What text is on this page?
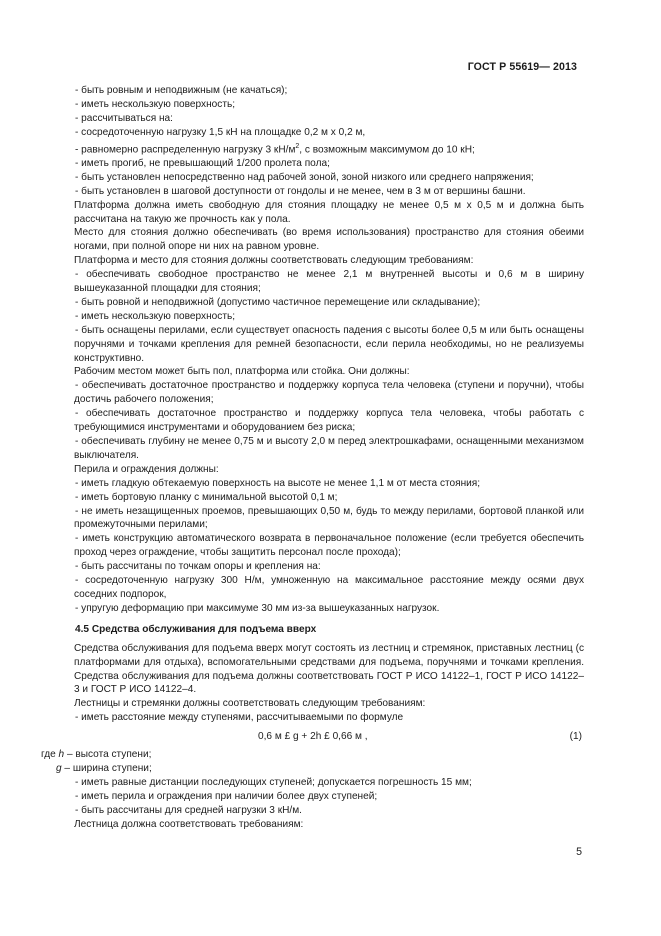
ГОСТ Р 55619— 2013

- быть ровным и неподвижным (не качаться);

- иметь нескользкую поверхность;

- рассчитываться на:

- сосредоточенную нагрузку 1,5 кН на площадке 0,2 м х 0,2 м,

- равномерно распределенную нагрузку 3 $кН/м^2$, с возможным максимумом до 10 кН;

- иметь прогиб, не превышающий 1/200 пролета пола;

- быть установлен непосредственно над рабочей зоной, зоной низкого или среднего напряжения;

- быть установлен в шаговой доступности от гондолы и не менее, чем в 3 м от вершины башни.

Платформа должна иметь свободную для стояния площадку не менее 0,5 м х 0,5 м и должна быть рассчитана на такую же прочность как у пола.

Место для стояния должно обеспечивать (во время использования) пространство для стояния обеими ногами, при полной опоре ни них на равном уровне.

Платформа и место для стояния должны соответствовать следующим требованиям:

- обеспечивать свободное пространство не менее 2,1 м внутренней высоты и 0,6 м в ширину вышеуказанной площадки для стояния;

- быть ровной и неподвижной (допустимо частичное перемещение или складывание);

- иметь нескользкую поверхность;

- быть оснащены перилами, если существует опасность падения с высоты более 0,5 м или быть оснащены поручнями и точками крепления для ремней безопасности, если перила необходимы, но не реализуемы конструктивно.

Рабочим местом может быть пол, платформа или стойка. Они должны:

- обеспечивать достаточное пространство и поддержку корпуса тела человека (ступени и поручни), чтобы достичь рабочего положения;

- обеспечивать достаточное пространство и поддержку корпуса тела человека, чтобы работать с требующимися инструментами и оборудованием без риска;

- обеспечивать глубину не менее 0,75 м и высоту 2,0 м перед электрошкафами, оснащенными механизмом выключателя.

Перила и ограждения должны:

- иметь гладкую обтекаемую поверхность на высоте не менее 1,1 м от места стояния;

- иметь бортовую планку с минимальной высотой 0,1 м;

- не иметь незащищенных проемов, превышающих 0,50 м, будь то между перилами, бортовой планкой или промежуточными перилами;

- иметь конструкцию автоматического возврата в первоначальное положение (если требуется обеспечить проход через ограждение, чтобы защитить персонал после прохода);

- быть рассчитаны по точкам опоры и крепления на:

- сосредоточенную нагрузку 300 Н/м, умноженную на максимальное расстояние между осями двух соседних подпорок,

- упругую деформацию при максимуме 30 мм из-за вышеуказанных нагрузок.

4.5 Средства обслуживания для подъема вверх

Средства обслуживания для подъема вверх могут состоять из лестниц и стремянок, приставных лестниц (с платформами для отдыха), вспомогательными средствами для подъема, поручнями и точками крепления. Средства обслуживания для подъема должны соответствовать ГОСТ Р ИСО 14122–1, ГОСТ Р ИСО 14122–3 и ГОСТ Р ИСО 14122–4.

Лестницы и стремянки должны соответствовать следующим требованиям:

- иметь расстояние между ступенями, рассчитываемыми по формуле

0,6 м £ g + 2h £ 0,66 м ,	(1)

где h – высота ступени;

g – ширина ступени;

- иметь равные дистанции последующих ступеней; допускается погрешность 15 мм;

- иметь перила и ограждения при наличии более двух ступеней;

- быть рассчитаны для средней нагрузки 3 кН/м.

Лестница должна соответствовать требованиям:

5
